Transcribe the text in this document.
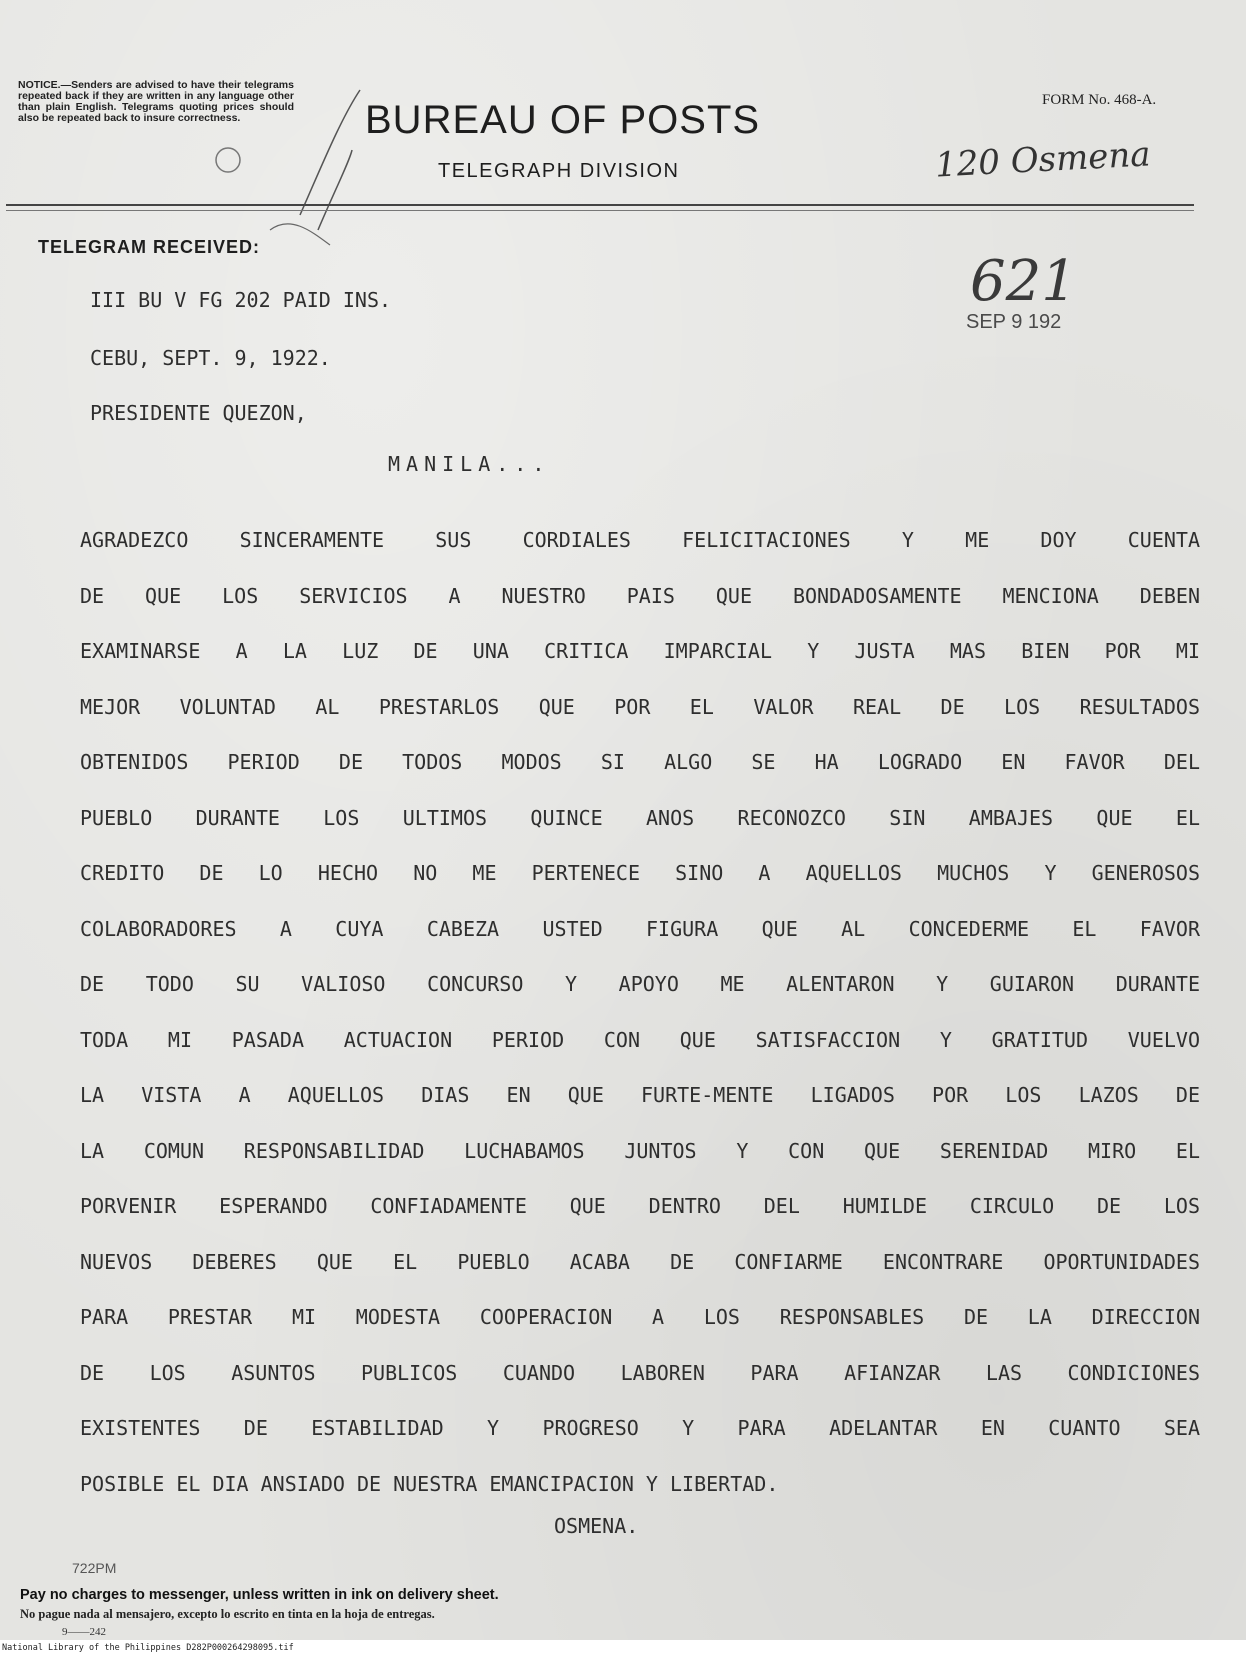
NOTICE.—Senders are advised to have their telegrams repeated back if they are written in any language other than plain English. Telegrams quoting prices should also be repeated back to insure correctness.	BUREAU OF POSTS
TELEGRAPH DIVISION
FORM No. 468-A.
120 Osmena
TELEGRAM RECEIVED:
621
SEP 9 192
III BU V FG 202 PAID INS.
CEBU, SEPT. 9, 1922.
PRESIDENTE QUEZON,
MANILA...
AGRADEZCO SINCERAMENTE SUS CORDIALES FELICITACIONES Y ME DOY CUENTA
DE QUE LOS SERVICIOS A NUESTRO PAIS QUE BONDADOSAMENTE MENCIONA DEBEN
EXAMINARSE A LA LUZ DE UNA CRITICA IMPARCIAL Y JUSTA MAS BIEN POR MI
MEJOR VOLUNTAD AL PRESTARLOS QUE POR EL VALOR REAL DE LOS RESULTADOS
OBTENIDOS PERIOD DE TODOS MODOS SI ALGO SE HA LOGRADO EN FAVOR DEL
PUEBLO DURANTE LOS ULTIMOS QUINCE ANOS RECONOZCO SIN AMBAJES QUE EL
CREDITO DE LO HECHO NO ME PERTENECE SINO A AQUELLOS MUCHOS Y GENEROSOS
COLABORADORES A CUYA CABEZA USTED FIGURA QUE AL CONCEDERME EL FAVOR
DE TODO SU VALIOSO CONCURSO Y APOYO ME ALENTARON Y GUIARON DURANTE
TODA MI PASADA ACTUACION PERIOD CON QUE SATISFACCION Y GRATITUD VUELVO
LA VISTA A AQUELLOS DIAS EN QUE FURTE-MENTE LIGADOS POR LOS LAZOS DE
LA COMUN RESPONSABILIDAD LUCHABAMOS JUNTOS Y CON QUE SERENIDAD MIRO EL
PORVENIR ESPERANDO CONFIADAMENTE QUE DENTRO DEL HUMILDE CIRCULO DE LOS
NUEVOS DEBERES QUE EL PUEBLO ACABA DE CONFIARME ENCONTRARE OPORTUNIDADES
PARA PRESTAR MI MODESTA COOPERACION A LOS RESPONSABLES DE LA DIRECCION
DE LOS ASUNTOS PUBLICOS CUANDO LABOREN PARA AFIANZAR LAS CONDICIONES
EXISTENTES DE ESTABILIDAD Y PROGRESO Y PARA ADELANTAR EN CUANTO SEA
POSIBLE EL DIA ANSIADO DE NUESTRA EMANCIPACION Y LIBERTAD.
OSMENA.
722PM
Pay no charges to messenger, unless written in ink on delivery sheet.
No pague nada al mensajero, excepto lo escrito en tinta en la hoja de entregas.
9——242
National Library of the Philippines D282P000264298095.tif
